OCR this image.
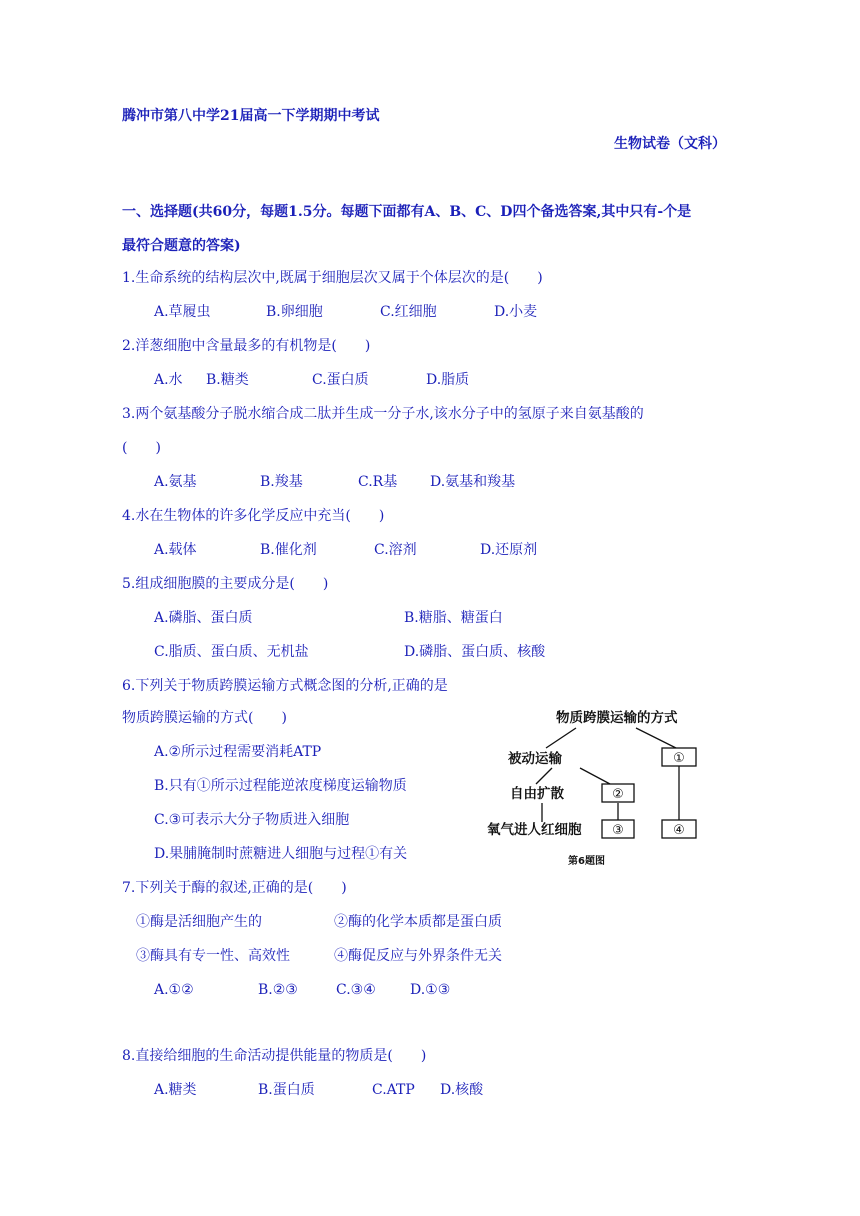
腾冲市第八中学21届高一下学期期中考试
生物试卷（文科）
一、选择题(共60分，每题1.5分。每题下面都有A、B、C、D四个备选答案,其中只有-个是
最符合题意的答案)
1.生命系统的结构层次中,既属于细胞层次又属于个体层次的是(　　)
A.草履虫	B.卵细胞	C.红细胞	D.小麦
2.洋葱细胞中含量最多的有机物是(　　)
A.水 B.糖类	C.蛋白质	D.脂质
3.两个氨基酸分子脱水缩合成二肽并生成一分子水,该水分子中的氢原子来自氨基酸的
(　　)
A.氨基	B.羧基	C.R基 D.氨基和羧基
4.水在生物体的许多化学反应中充当(　　)
A.载体	B.催化剂	C.溶剂	D.还原剂
5.组成细胞膜的主要成分是(　　)
A.磷脂、蛋白质	B.糖脂、糖蛋白
C.脂质、蛋白质、无机盐	D.磷脂、蛋白质、核酸
6.下列关于物质跨膜运输方式概念图的分析,正确的是
物质跨膜运输的方式(　　)
A.②所示过程需要消耗ATP
B.只有①所示过程能逆浓度梯度运输物质
C.③可表示大分子物质进入细胞
D.果脯腌制时蔗糖进人细胞与过程①有关
物质跨膜运输的方式
被动运输	①
自由扩散	②
氧气进人红细胞 ③	④
第6题图
7.下列关于酶的叙述,正确的是(　　)
①酶是活细胞产生的	②酶的化学本质都是蛋白质
③酶具有专一性、高效性	④酶促反应与外界条件无关
A.①②	B.②③	C.③④ D.①③
8.直接给细胞的生命活动提供能量的物质是(　　)
A.糖类	B.蛋白质	C.ATP D.核酸
